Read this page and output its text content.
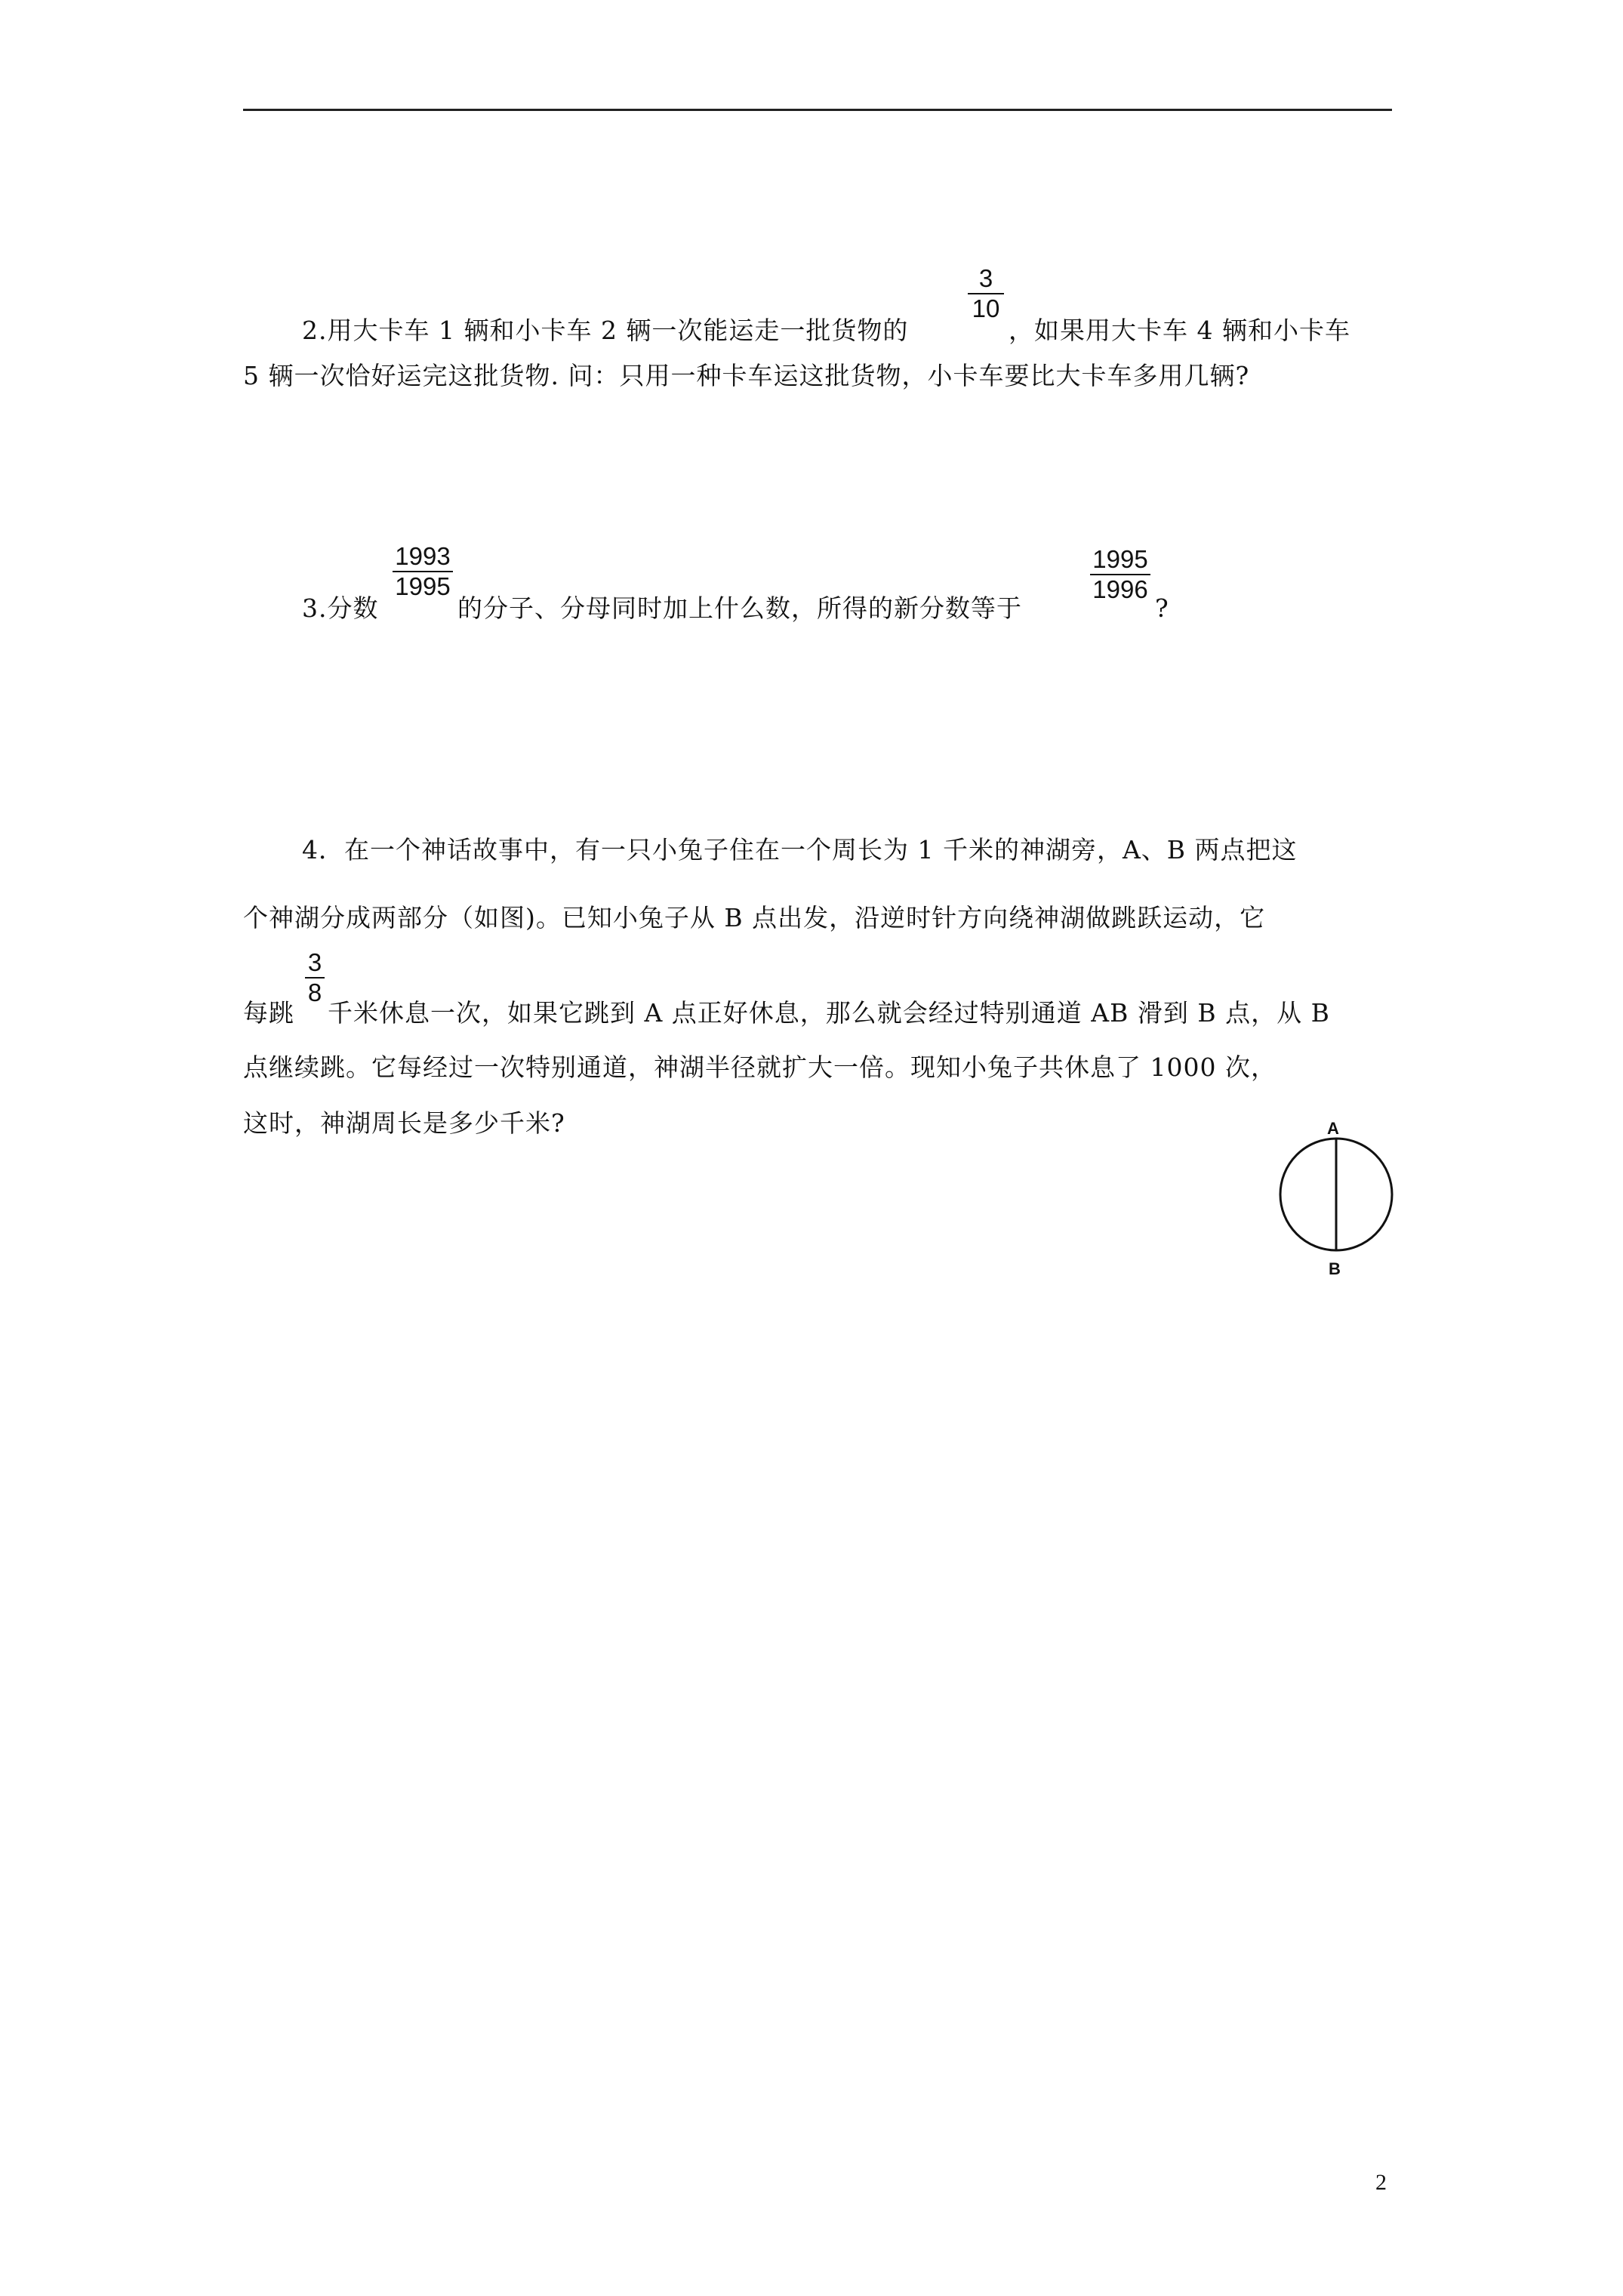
2.用大卡车 1 辆和小卡车 2 辆一次能运走一批货物的
3
10
，如果用大卡车 4 辆和小卡车
5 辆一次恰好运完这批货物. 问：只用一种卡车运这批货物，小卡车要比大卡车多用几辆?
3.分数
1993
1995
的分子、分母同时加上什么数，所得的新分数等于
1995
1996
?
4．在一个神话故事中，有一只小兔子住在一个周长为 1 千米的神湖旁，A、B 两点把这
个神湖分成两部分（如图)。已知小兔子从 B 点出发，沿逆时针方向绕神湖做跳跃运动，它
每跳
3
8
千米休息一次，如果它跳到 A 点正好休息，那么就会经过特别通道 AB 滑到 B 点，从 B
点继续跳。它每经过一次特别通道，神湖半径就扩大一倍。现知小兔子共休息了 1000 次，
这时，神湖周长是多少千米?	A
B
2
